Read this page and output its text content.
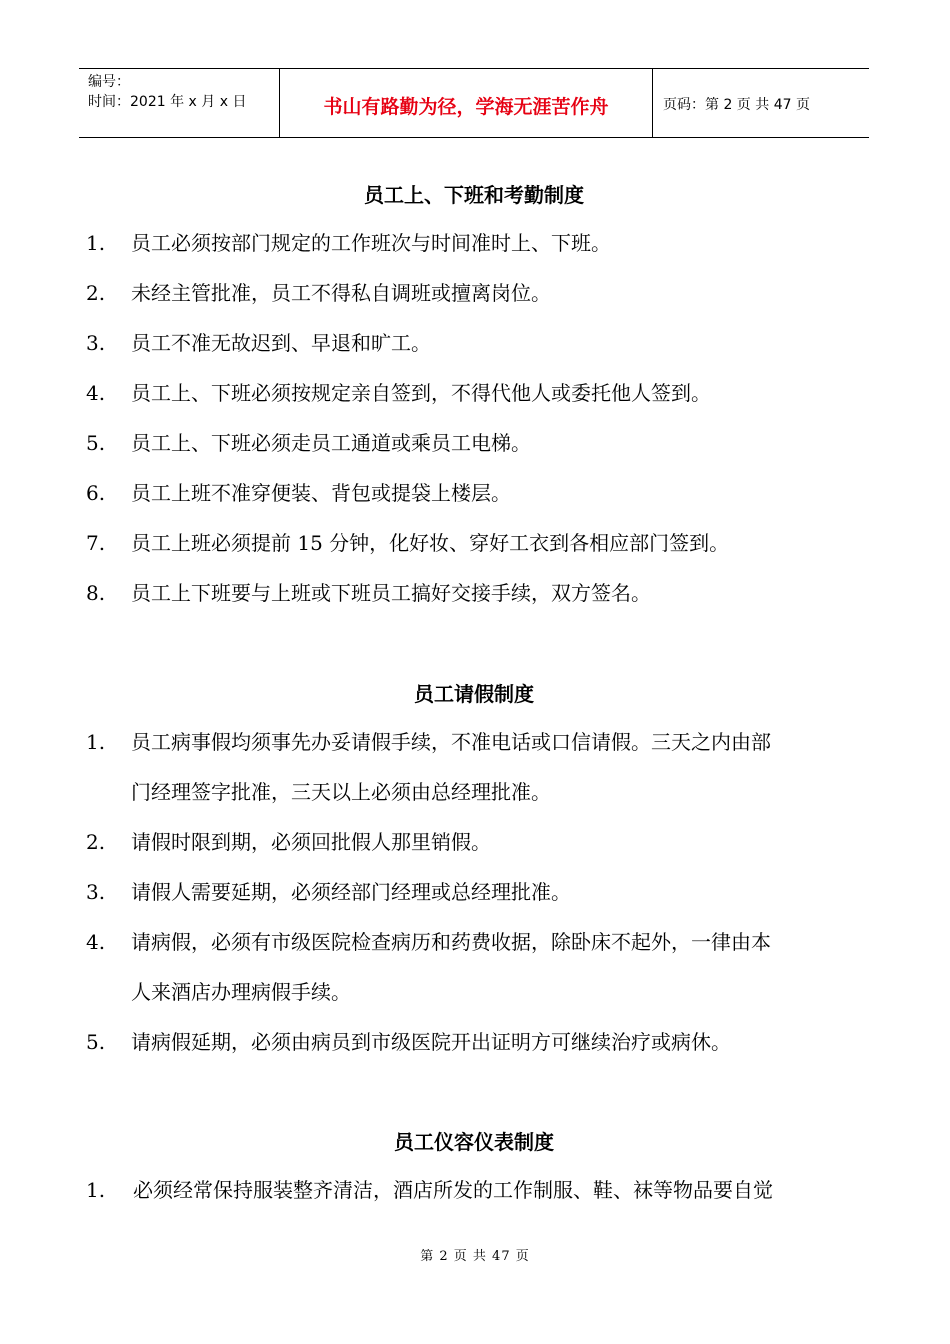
编号：
时间：2021 年 x 月 x 日	书山有路勤为径，学海无涯苦作舟	页码：第 2 页 共 47 页
员工上、下班和考勤制度
1. 员工必须按部门规定的工作班次与时间准时上、下班。
2. 未经主管批准，员工不得私自调班或擅离岗位。
3. 员工不准无故迟到、早退和旷工。
4. 员工上、下班必须按规定亲自签到，不得代他人或委托他人签到。
5. 员工上、下班必须走员工通道或乘员工电梯。
6. 员工上班不准穿便装、背包或提袋上楼层。
7. 员工上班必须提前 15 分钟，化好妆、穿好工衣到各相应部门签到。
8. 员工上下班要与上班或下班员工搞好交接手续，双方签名。
员工请假制度
1. 员工病事假均须事先办妥请假手续，不准电话或口信请假。三天之内由部
门经理签字批准，三天以上必须由总经理批准。
2. 请假时限到期，必须回批假人那里销假。
3. 请假人需要延期，必须经部门经理或总经理批准。
4. 请病假，必须有市级医院检查病历和药费收据，除卧床不起外，一律由本
人来酒店办理病假手续。
5. 请病假延期，必须由病员到市级医院开出证明方可继续治疗或病休。
员工仪容仪表制度
1. 必须经常保持服装整齐清洁，酒店所发的工作制服、鞋、袜等物品要自觉
第 2 页 共 47 页
